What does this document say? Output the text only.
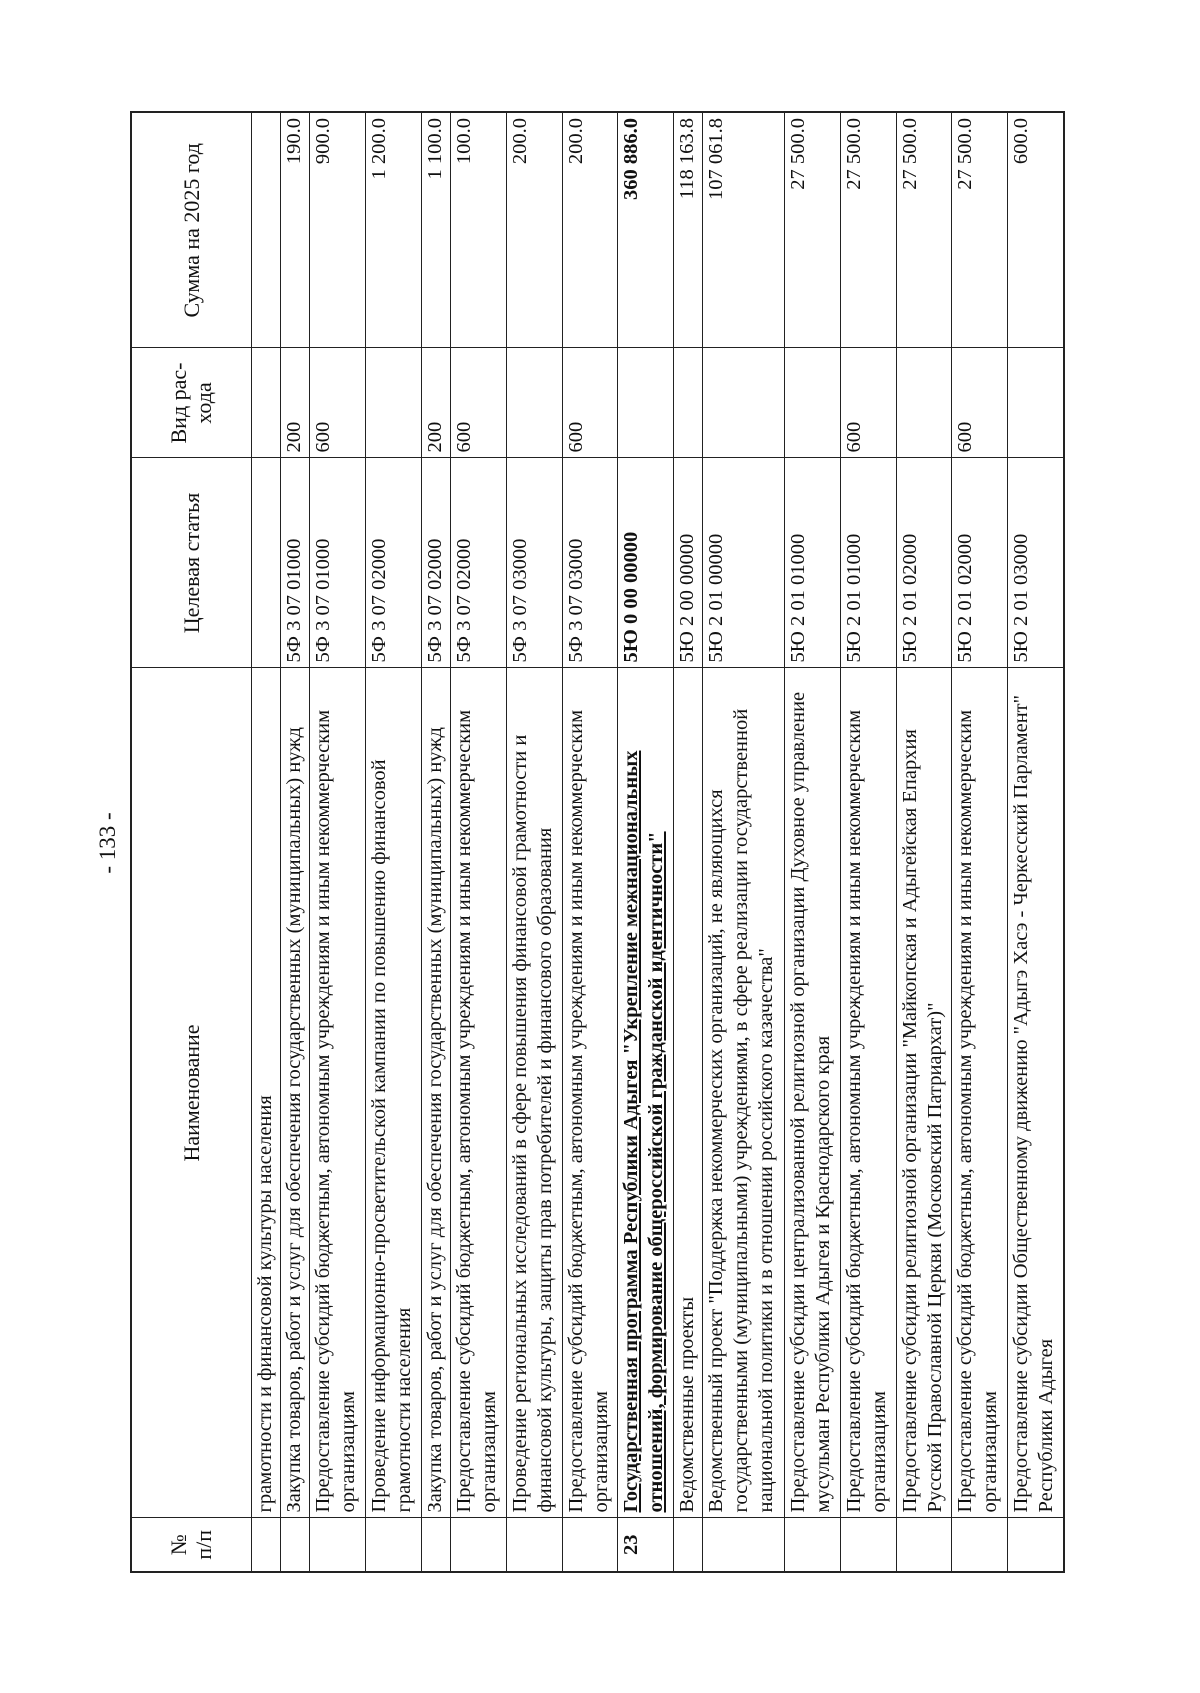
- 133 -
№ п/п	Наименование	Целевая статья	Вид рас- хода	Сумма на 2025 год
	грамотности и финансовой культуры населения			
	Закупка товаров, работ и услуг для обеспечения государственных (муниципальных) нужд	5Ф 3 07 01000	200	190.0
	Предоставление субсидий бюджетным, автономным учреждениям и иным некоммерческим организациям	5Ф 3 07 01000	600	900.0
	Проведение информационно-просветительской кампании по повышению финансовой грамотности населения	5Ф 3 07 02000		1 200.0
	Закупка товаров, работ и услуг для обеспечения государственных (муниципальных) нужд	5Ф 3 07 02000	200	1 100.0
	Предоставление субсидий бюджетным, автономным учреждениям и иным некоммерческим организациям	5Ф 3 07 02000	600	100.0
	Проведение региональных исследований в сфере повышения финансовой грамотности и финансовой культуры, защиты прав потребителей и финансового образования	5Ф 3 07 03000		200.0
	Предоставление субсидий бюджетным, автономным учреждениям и иным некоммерческим организациям	5Ф 3 07 03000	600	200.0
23	Государственная программа Республики Адыгея "Укрепление межнациональных отношений, формирование общероссийской гражданской идентичности"	5Ю 0 00 00000		360 886.0
	Ведомственные проекты	5Ю 2 00 00000		118 163.8
	Ведомственный проект "Поддержка некоммерческих организаций, не являющихся государственными (муниципальными) учреждениями, в сфере реализации государственной национальной политики и в отношении российского казачества"	5Ю 2 01 00000		107 061.8
	Предоставление субсидии централизованной религиозной организации Духовное управление мусульман Республики Адыгея и Краснодарского края	5Ю 2 01 01000		27 500.0
	Предоставление субсидий бюджетным, автономным учреждениям и иным некоммерческим организациям	5Ю 2 01 01000	600	27 500.0
	Предоставление субсидии религиозной организации "Майкопская и Адыгейская Епархия Русской Православной Церкви (Московский Патриархат)"	5Ю 2 01 02000		27 500.0
	Предоставление субсидий бюджетным, автономным учреждениям и иным некоммерческим организациям	5Ю 2 01 02000	600	27 500.0
	Предоставление субсидии Общественному движению "Адыгэ Хасэ - Черкесский Парламент" Республики Адыгея	5Ю 2 01 03000		600.0
